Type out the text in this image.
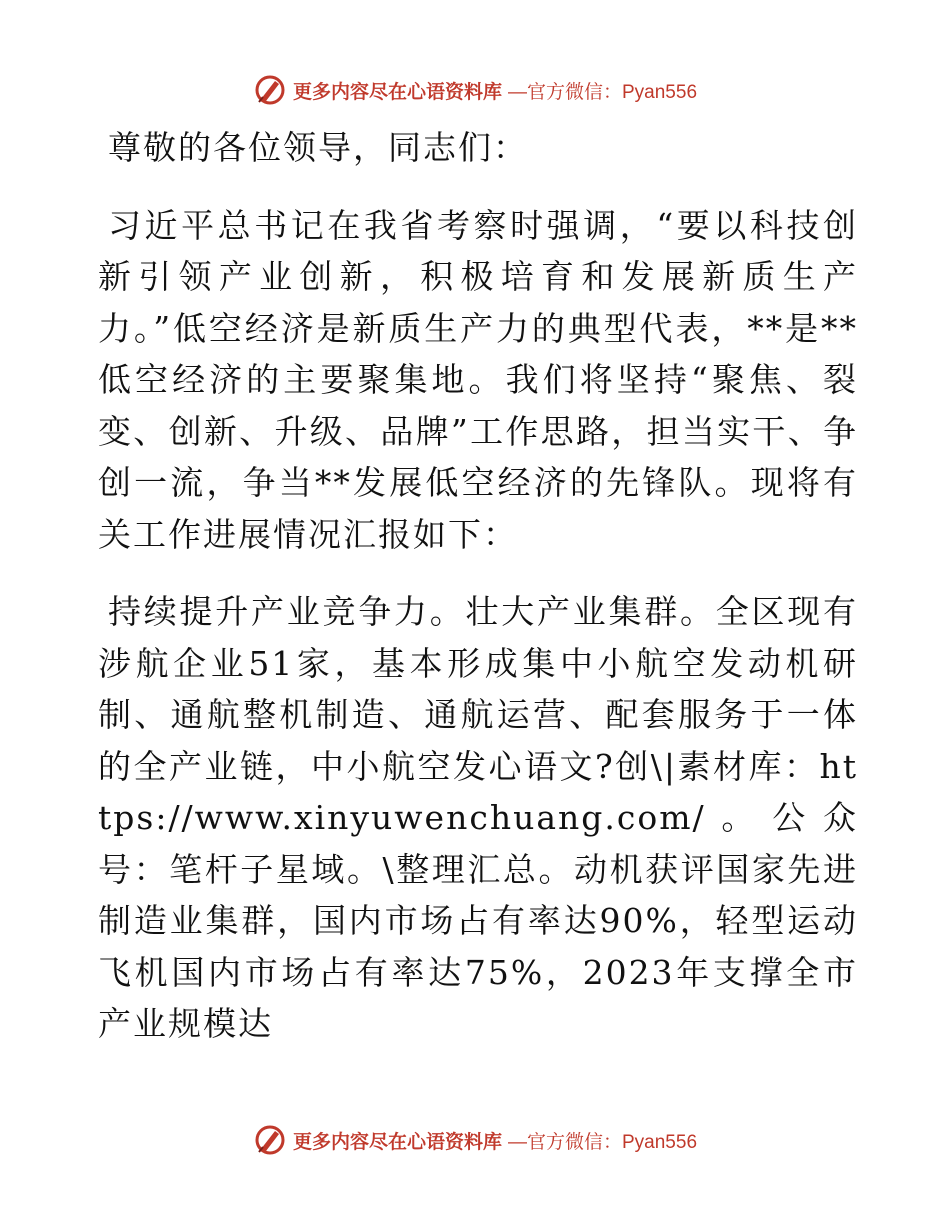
更多内容尽在心语资料库 —官方微信：Pyan556

尊敬的各位领导，同志们：

习近平总书记在我省考察时强调，“要以科技创新引领产业创新，积极培育和发展新质生产力。”低空经济是新质生产力的典型代表，**是**低空经济的主要聚集地。我们将坚持“聚焦、裂变、创新、升级、品牌”工作思路，担当实干、争创一流，争当**发展低空经济的先锋队。现将有关工作进展情况汇报如下：

持续提升产业竞争力。壮大产业集群。全区现有涉航企业51家，基本形成集中小航空发动机研制、通航整机制造、通航运营、配套服务于一体的全产业链，中小航空发心语文?创\|素材库：https://www.xinyuwenchuang.com/。公众号：笔杆子星域。\整理汇总。动机获评国家先进制造业集群，国内市场占有率达90%，轻型运动飞机国内市场占有率达75%，2023年支撑全市产业规模达

更多内容尽在心语资料库 —官方微信：Pyan556
